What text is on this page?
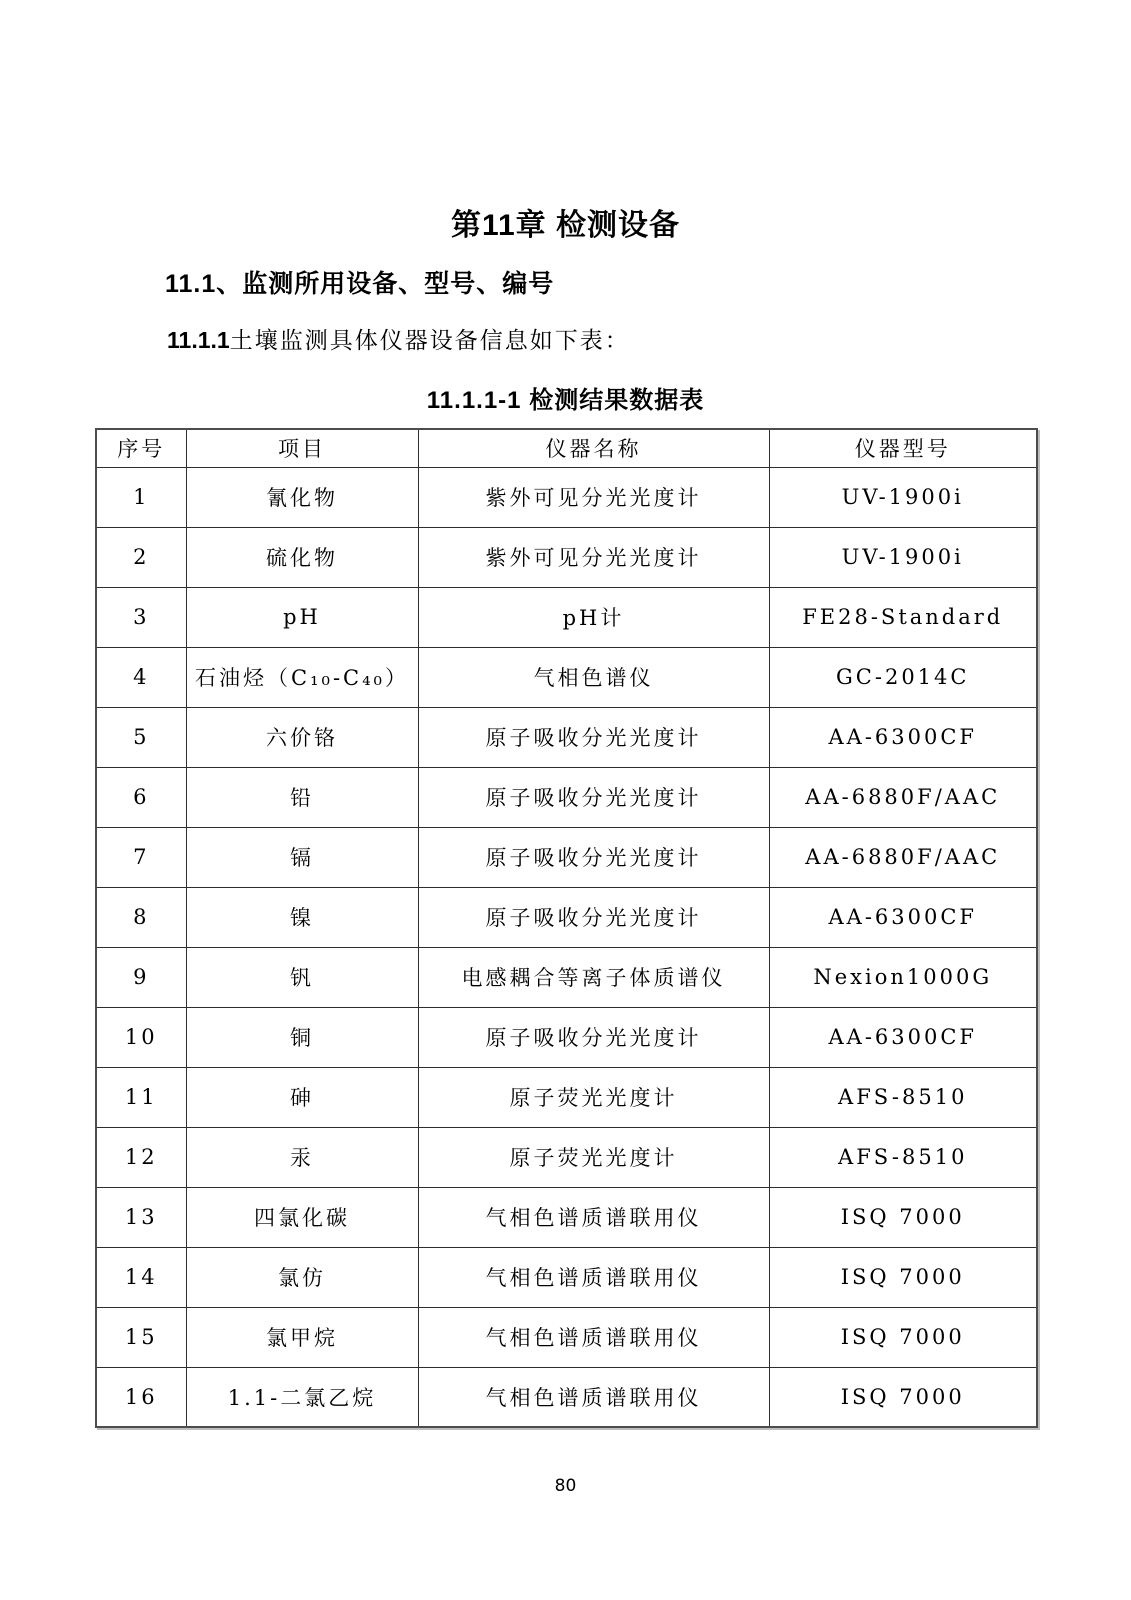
第11章 检测设备
11.1、监测所用设备、型号、编号
11.1.1土壤监测具体仪器设备信息如下表：
11.1.1-1 检测结果数据表
序号	项目	仪器名称	仪器型号
1	氰化物	紫外可见分光光度计	UV-1900i
2	硫化物	紫外可见分光光度计	UV-1900i
3	pH	pH计	FE28-Standard
4	石油烃（C₁₀-C₄₀）	气相色谱仪	GC-2014C
5	六价铬	原子吸收分光光度计	AA-6300CF
6	铅	原子吸收分光光度计	AA-6880F/AAC
7	镉	原子吸收分光光度计	AA-6880F/AAC
8	镍	原子吸收分光光度计	AA-6300CF
9	钒	电感耦合等离子体质谱仪	Nexion1000G
10	铜	原子吸收分光光度计	AA-6300CF
11	砷	原子荧光光度计	AFS-8510
12	汞	原子荧光光度计	AFS-8510
13	四氯化碳	气相色谱质谱联用仪	ISQ 7000
14	氯仿	气相色谱质谱联用仪	ISQ 7000
15	氯甲烷	气相色谱质谱联用仪	ISQ 7000
16	1.1-二氯乙烷	气相色谱质谱联用仪	ISQ 7000
80
